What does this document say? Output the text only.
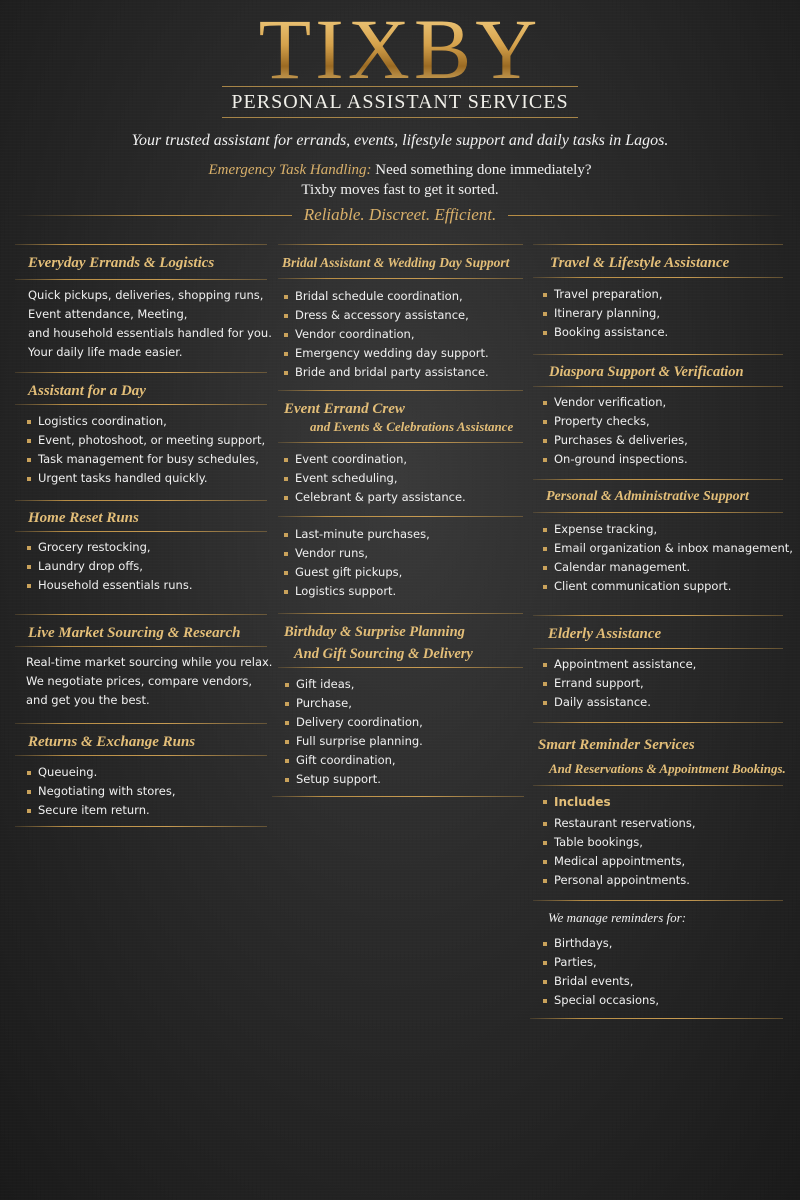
TIXBY
PERSONAL ASSISTANT SERVICES
Your trusted assistant for errands, events, lifestyle support and daily tasks in Lagos.
Emergency Task Handling: Need something done immediately?
Tixby moves fast to get it sorted.
Reliable. Discreet. Efficient.
Everyday Errands & Logistics
Quick pickups, deliveries, shopping runs,
Event attendance, Meeting,
and household essentials handled for you.
Your daily life made easier.
Assistant for a Day
Logistics coordination,
Event, photoshoot, or meeting support,
Task management for busy schedules,
Urgent tasks handled quickly.
Home Reset Runs
Grocery restocking,
Laundry drop offs,
Household essentials runs.
Live Market Sourcing & Research
Real-time market sourcing while you relax.
We negotiate prices, compare vendors,
and get you the best.
Returns & Exchange Runs
Queueing.
Negotiating with stores,
Secure item return.
Bridal Assistant & Wedding Day Support
Bridal schedule coordination,
Dress & accessory assistance,
Vendor coordination,
Emergency wedding day support.
Bride and bridal party assistance.
Event Errand Crew
and Events & Celebrations Assistance
Event coordination,
Event scheduling,
Celebrant & party assistance.
Last-minute purchases,
Vendor runs,
Guest gift pickups,
Logistics support.
Birthday & Surprise Planning
And Gift Sourcing & Delivery
Gift ideas,
Purchase,
Delivery coordination,
Full surprise planning.
Gift coordination,
Setup support.
Travel & Lifestyle Assistance
Travel preparation,
Itinerary planning,
Booking assistance.
Diaspora Support & Verification
Vendor verification,
Property checks,
Purchases & deliveries,
On-ground inspections.
Personal & Administrative Support
Expense tracking,
Email organization & inbox management,
Calendar management.
Client communication support.
Elderly Assistance
Appointment assistance,
Errand support,
Daily assistance.
Smart Reminder Services
And Reservations & Appointment Bookings.
Includes
Restaurant reservations,
Table bookings,
Medical appointments,
Personal appointments.
We manage reminders for:
Birthdays,
Parties,
Bridal events,
Special occasions,
